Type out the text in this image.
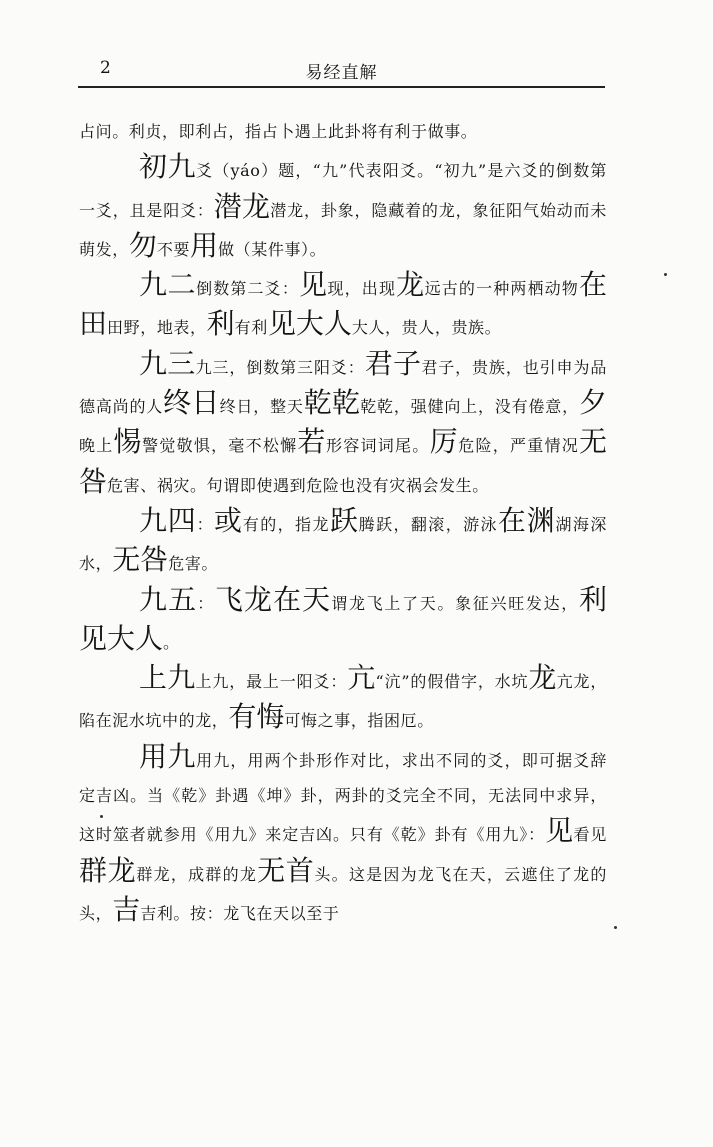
2	易经直解

占问。利贞，即利占，指占卜遇上此卦将有利于做事。

初九爻（yáo）题，“九”代表阳爻。“初九”是六爻的倒数第一爻，且是阳爻：潜龙潜龙，卦象，隐藏着的龙，象征阳气始动而未萌发，勿不要用做（某件事）。

九二倒数第二爻：见现，出现龙远古的一种两栖动物在田田野，地表，利有利见大人大人，贵人，贵族。

九三九三，倒数第三阳爻：君子君子，贵族，也引申为品德高尚的人终日终日，整天乾乾乾乾，强健向上，没有倦意，夕晚上惕警觉敬惧，毫不松懈若形容词词尾。厉危险，严重情况无咎危害、祸灾。句谓即使遇到危险也没有灾祸会发生。

九四：或有的，指龙跃腾跃，翻滚，游泳在渊湖海深水，无咎危害。

九五：飞龙在天谓龙飞上了天。象征兴旺发达，利见大人。

上九上九，最上一阳爻：亢“沆”的假借字，水坑龙亢龙，陷在泥水坑中的龙，有悔可悔之事，指困厄。

用九用九，用两个卦形作对比，求出不同的爻，即可据爻辞定吉凶。当《乾》卦遇《坤》卦，两卦的爻完全不同，无法同中求异，这时筮者就参用《用九》来定吉凶。只有《乾》卦有《用九》：见看见群龙群龙，成群的龙无首头。这是因为龙飞在天，云遮住了龙的头，吉吉利。按：龙飞在天以至于
